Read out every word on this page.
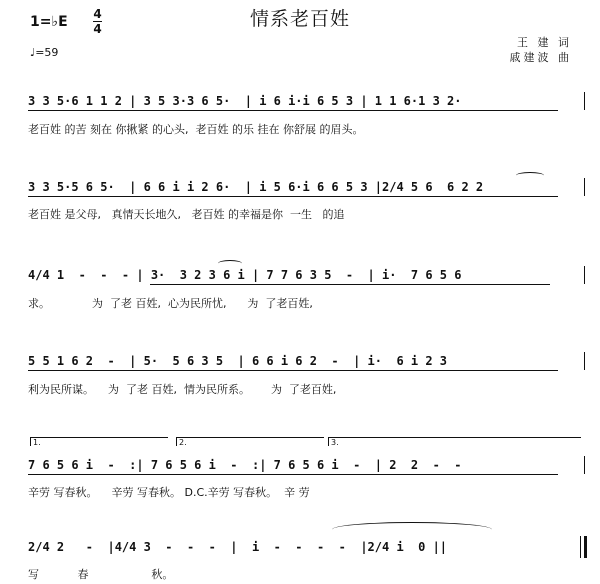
情系老百姓
1=♭E 4
4
♩=59
王 建 词
戚建波 曲
3 3 5·6 1 1 2 | 3 5 3·3 6 5·  | i 6 i·i 6 5 3 | 1 1 6·1 3 2·
老百姓 的苦 刻在 你揪紧 的心头,  老百姓 的乐 挂在 你舒展 的眉头。
3 3 5·5 6 5·  | 6 6 i i 2 6·  | i 5 6·i 6 6 5 3 |2/4 5 6  6 2 2
老百姓 是父母,   真情天长地久,   老百姓 的幸福是你  一生   的追
4/4 1  -  -  - | 3·  3 2 3 6 i | 7 7 6 3 5  -  | i·  7 6 5 6
求。            为  了老 百姓,  心为民所忧,      为  了老百姓,
5 5 1 6 2  -  | 5·  5 6 3 5  | 6 6 i 6 2  -  | i·  6 i 2 3
利为民所谋。    为  了老 百姓,  情为民所系。      为  了老百姓,
1.	2.	3.
7 6 5 6 i  -  :| 7 6 5 6 i  -  :| 7 6 5 6 i  -  | 2  2  -  -
辛劳 写春秋。    辛劳 写春秋。 D.C.辛劳 写春秋。  辛 劳
2/4 2   -  |4/4 3  -  -  -  |  i  -  -  -  -  |2/4 i  0 ||
写           春                  秋。
